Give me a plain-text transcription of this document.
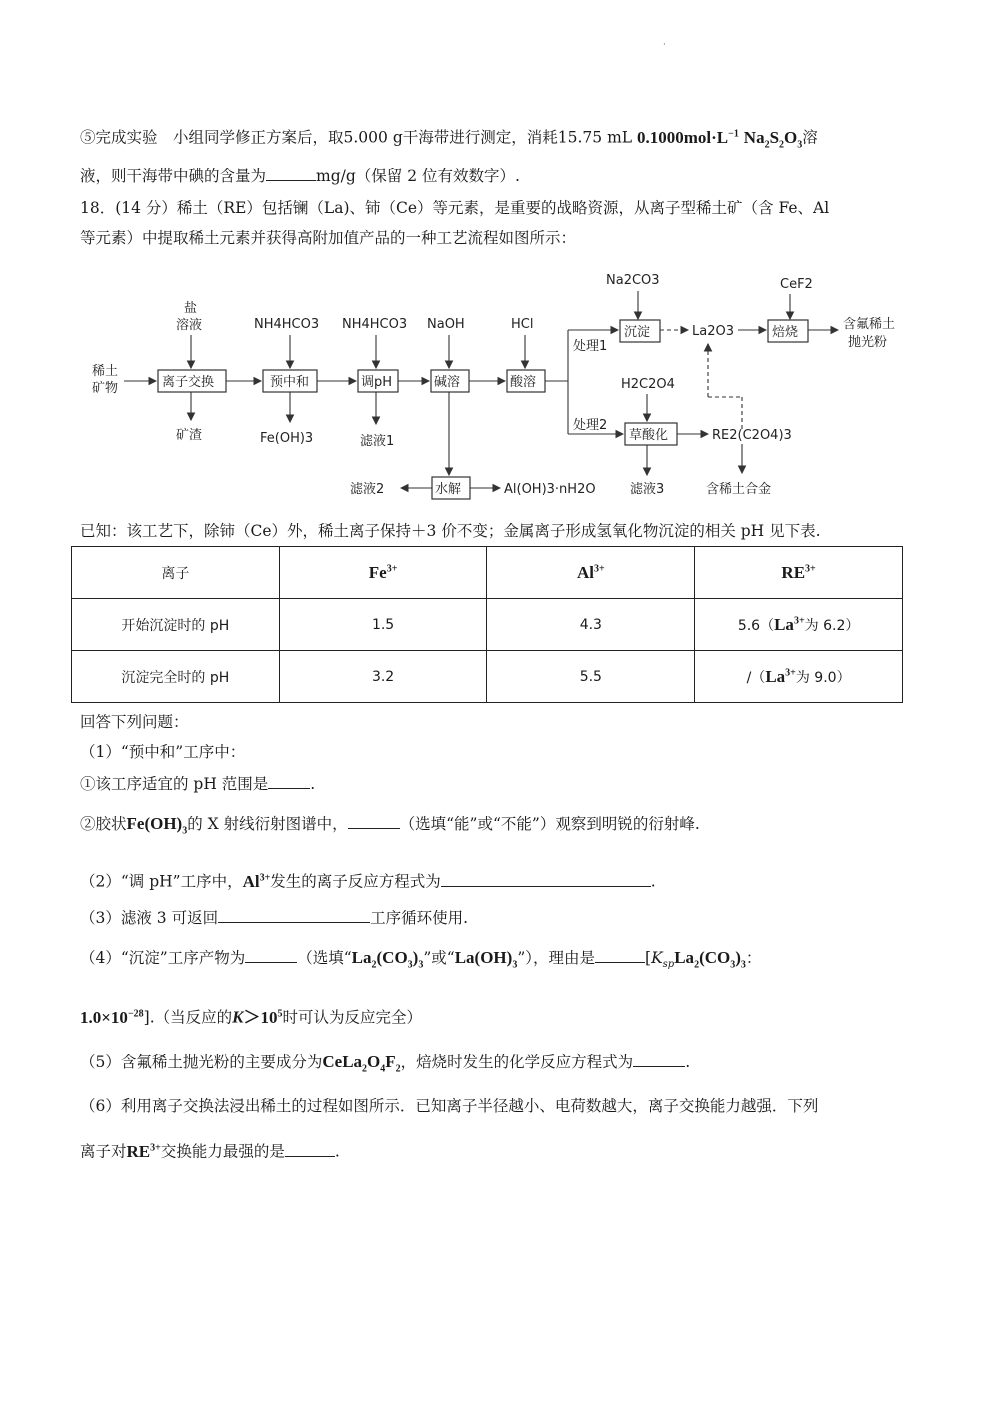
·
⑤完成实验　小组同学修正方案后，取5.000 g干海带进行测定，消耗15.75 mL $0.1000mol\cdot L^{-1}$ $Na_2S_2O_3$溶
液，则干海带中碘的含量为	mg/g（保留 2 位有效数字）.
18．(14 分）稀土（RE）包括镧（La)、铈（Ce）等元素，是重要的战略资源，从离子型稀土矿（含 Fe、Al
等元素）中提取稀土元素并获得高附加值产品的一种工艺流程如图所示：
稀土
矿物
盐
溶液
离子交换
矿渣
NH4HCO3
预中和
Fe(OH)3
NH4HCO3
调pH
滤液1
NaOH
碱溶
水解
滤液2	Al(OH)3·nH2O
HCl
酸溶
处理1
Na2CO3
沉淀	La2O3
CeF2
焙烧
含氟稀土
抛光粉
处理2
H2C2O4
草酸化
滤液3
RE2(C2O4)3
含稀土合金
已知：该工艺下，除铈（Ce）外，稀土离子保持＋3 价不变；金属离子形成氢氧化物沉淀的相关 pH 见下表.
离子	$Fe^{3+}$	$Al^{3+}$	$RE^{3+}$
开始沉淀时的 pH	1.5	4.3	$5.6(La^{3+}$为 6.2）
沉淀完全时的 pH	3.2	5.5	$/(La^{3+}$为 9.0）
回答下列问题：
（1）“预中和”工序中：
①该工序适宜的 pH 范围是	.
②胶状$Fe(OH)_3$的 X 射线衍射图谱中，	（选填“能”或“不能”）观察到明锐的衍射峰.
（2）“调 pH”工序中，$Al^{3+}$发生的离子反应方程式为	.
（3）滤液 3 可返回	工序循环使用.
（4）“沉淀”工序产物为	（选填“$La_2(CO_3)_3$”或“$La(OH)_3$”），理由是	[$K_{sp}La_2(CO_3)_3$：
$1.0\times 10^{-28}$].（当反应的$K>10^5$时可认为反应完全）
（5）含氟稀土抛光粉的主要成分为$CeLa_2O_4F_2$，焙烧时发生的化学反应方程式为	.
（6）利用离子交换法浸出稀土的过程如图所示．已知离子半径越小、电荷数越大，离子交换能力越强．下列
离子对$RE^{3+}$交换能力最强的是	.
